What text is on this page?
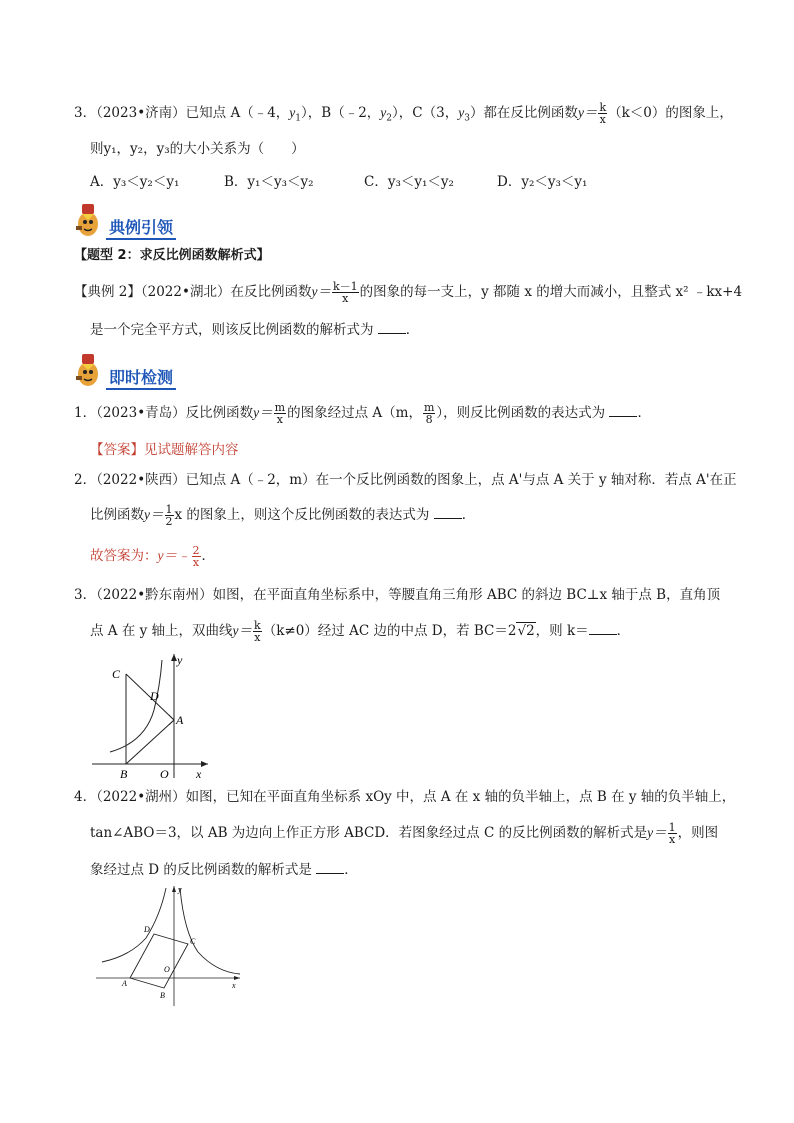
3．（2023•济南）已知点 A（﹣4，$y_1$），B（﹣2，$y_2$），C（3，$y_3$）都在反比例函数$y= \frac{k}{x} (k<0)$的图象上，
则y₁，y₂，y₃的大小关系为（　　）
A．y₃＜y₂＜y₁	B．y₁＜y₃＜y₂	C．y₃＜y₁＜y₂	D．y₂＜y₃＜y₁
典例引领
【题型 2：求反比例函数解析式】
【典例 2】（2022•湖北）在反比例函数$y= \frac{k-1}{x}$ 的图象的每一支上，y 都随 x 的增大而减小，且整式 x² ﹣kx+4
是一个完全平方式，则该反比例函数的解析式为 ．
即时检测
1．（2023•青岛）反比例函数$y= \frac{m}{x}$ 的图象经过点 A（m， $\frac{m}{8}$ ），则反比例函数的表达式为 ．
【答案】见试题解答内容
2．（2022•陕西）已知点 A（﹣2，m）在一个反比例函数的图象上，点 A'与点 A 关于 y 轴对称．若点 A'在正
比例函数$y= \frac{1}{2}$ x 的图象上，则这个反比例函数的表达式为 ．
故答案为：y＝﹣ $\frac{2}{x}$ ．
3．（2022•黔东南州）如图，在平面直角坐标系中，等腰直角三角形 ABC 的斜边 BC⊥x 轴于点 B，直角顶
点 A 在 y 轴上，双曲线$y= \frac{k}{x} (k\ne 0)$经过 AC 边的中点 D，若 BC＝2√2，则 k＝ ．
C
D
A
B	O x
y
4．（2022•湖州）如图，已知在平面直角坐标系 xOy 中，点 A 在 x 轴的负半轴上，点 B 在 y 轴的负半轴上，
tan∠ABO＝3，以 AB 为边向上作正方形 ABCD．若图象经过点 C 的反比例函数的解析式是$y= \frac{1}{x}$ ，则图
象经过点 D 的反比例函数的解析式是 ．
A
B
C
D
O
x
y
